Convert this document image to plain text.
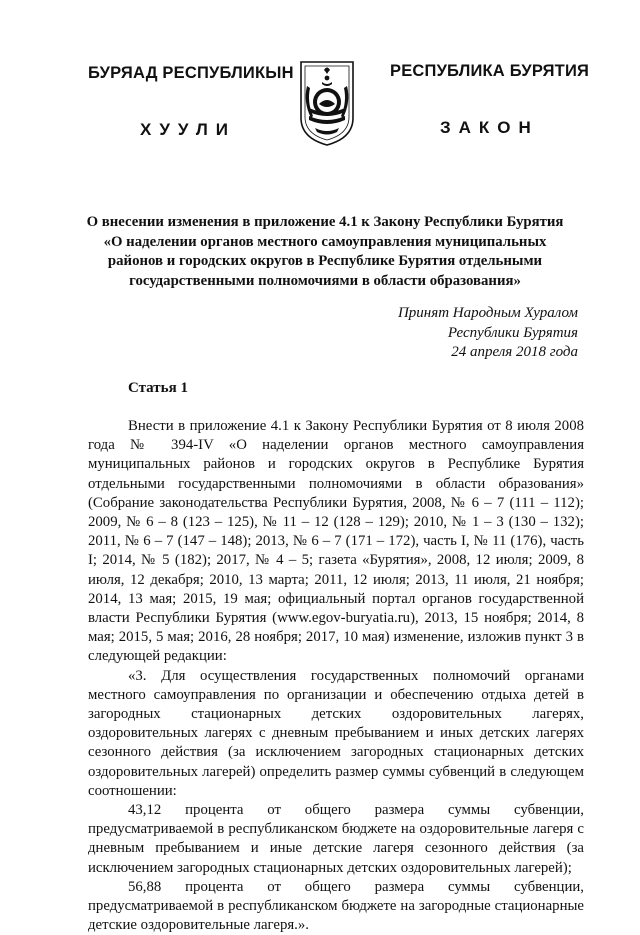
БУРЯАД РЕСПУБЛИКЫН	РЕСПУБЛИКА БУРЯТИЯ
ХУУЛИ	ЗАКОН
О внесении изменения в приложение 4.1 к Закону Республики Бурятия
«О наделении органов местного самоуправления муниципальных
районов и городских округов в Республике Бурятия отдельными
государственными полномочиями в области образования»
Принят Народным Хуралом
Республики Бурятия
24 апреля 2018 года
Статья 1

Внести в приложение 4.1 к Закону Республики Бурятия от 8 июля 2008 года № 394-IV «О наделении органов местного самоуправления муниципальных районов и городских округов в Республике Бурятия отдельными государственными полномочиями в области образования» (Собрание законодательства Республики Бурятия, 2008, № 6 – 7 (111 – 112); 2009, № 6 – 8 (123 – 125), № 11 – 12 (128 – 129); 2010, № 1 – 3 (130 – 132); 2011, № 6 – 7 (147 – 148); 2013, № 6 – 7 (171 – 172), часть I, № 11 (176), часть I; 2014, № 5 (182); 2017, № 4 – 5; газета «Бурятия», 2008, 12 июля; 2009, 8 июля, 12 декабря; 2010, 13 марта; 2011, 12 июля; 2013, 11 июля, 21 ноября; 2014, 13 мая; 2015, 19 мая; официальный портал органов государственной власти Республики Бурятия (www.egov-buryatia.ru), 2013, 15 ноября; 2014, 8 мая; 2015, 5 мая; 2016, 28 ноября; 2017, 10 мая) изменение, изложив пункт 3 в следующей редакции:

«3. Для осуществления государственных полномочий органами местного самоуправления по организации и обеспечению отдыха детей в загородных стационарных детских оздоровительных лагерях, оздоровительных лагерях с дневным пребыванием и иных детских лагерях сезонного действия (за исключением загородных стационарных детских оздоровительных лагерей) определить размер суммы субвенций в следующем соотношении:

43,12 процента от общего размера суммы субвенции, предусматриваемой в республиканском бюджете на оздоровительные лагеря с дневным пребыванием и иные детские лагеря сезонного действия (за исключением загородных стационарных детских оздоровительных лагерей);

56,88 процента от общего размера суммы субвенции, предусматриваемой в республиканском бюджете на загородные стационарные детские оздоровительные лагеря.».
